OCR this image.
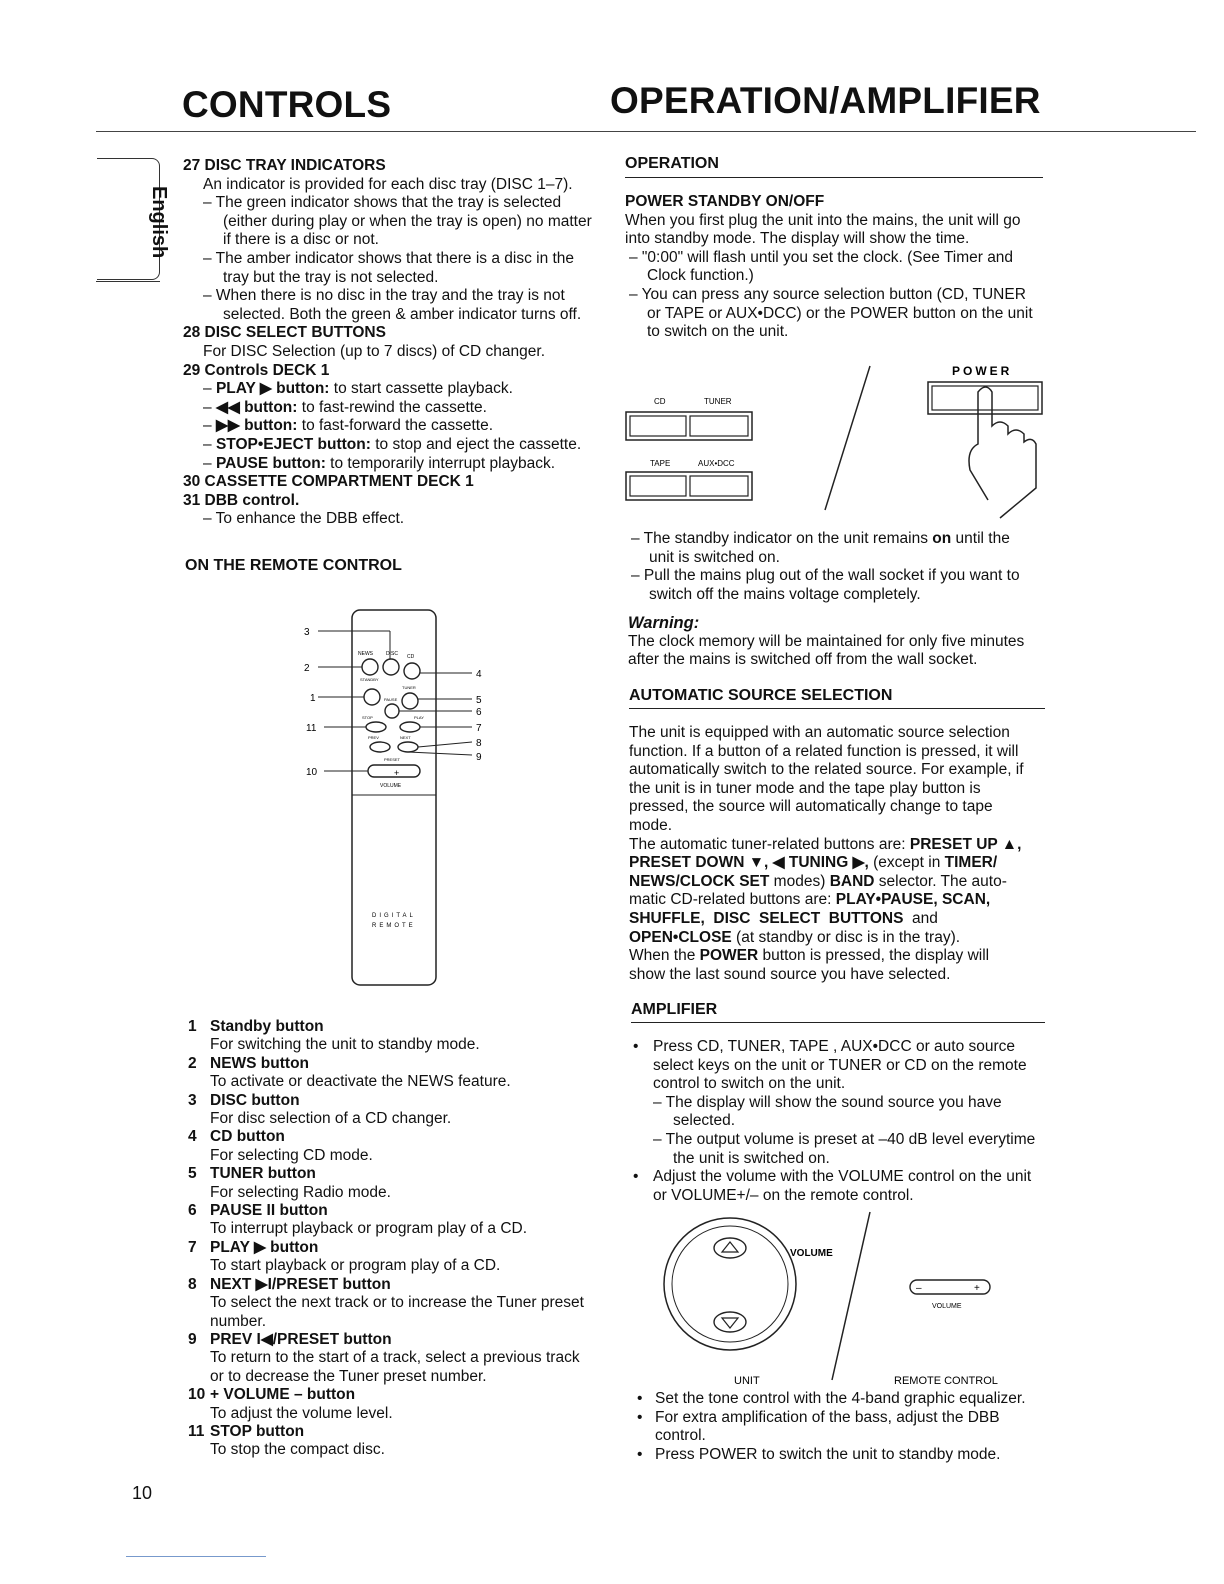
CONTROLS	OPERATION/AMPLIFIER
English
27 DISC TRAY INDICATORS
An indicator is provided for each disc tray (DISC 1–7).
– The green indicator shows that the tray is selected
(either during play or when the tray is open) no matter
if there is a disc or not.
– The amber indicator shows that there is a disc in the
tray but the tray is not selected.
– When there is no disc in the tray and the tray is not
selected. Both the green & amber indicator turns off.
28 DISC SELECT BUTTONS
For DISC Selection (up to 7 discs) of CD changer.
29 Controls DECK 1
– PLAY ▶ button: to start cassette playback.
– ◀◀ button: to fast-rewind the cassette.
– ▶▶ button: to fast-forward the cassette.
– STOP•EJECT button: to stop and eject the cassette.
– PAUSE button: to temporarily interrupt playback.
30 CASSETTE COMPARTMENT DECK 1
31 DBB control.
– To enhance the DBB effect.
ON THE REMOTE CONTROL
NEWS	DISC CD
STANDBY
TUNER
PAUSE
PLAY
STOP
PREV	NEXT
PRESET
VOLUME
+
DIGITAL
REMOTE
3
2
1
11
10
4
5
6
7
8
9
1 Standby button
For switching the unit to standby mode.
2 NEWS button
To activate or deactivate the NEWS feature.
3 DISC button
For disc selection of a CD changer.
4 CD button
For selecting CD mode.
5 TUNER button
For selecting Radio mode.
6 PAUSE II button
To interrupt playback or program play of a CD.
7 PLAY ▶ button
To start playback or program play of a CD.
8 NEXT ▶I/PRESET button
To select the next track or to increase the Tuner preset
number.
9 PREV I◀/PRESET button
To return to the start of a track, select a previous track
or to decrease the Tuner preset number.
10 + VOLUME – button
To adjust the volume level.
11 STOP button
To stop the compact disc.
OPERATION
POWER STANDBY ON/OFF
When you first plug the unit into the mains, the unit will go
into standby mode. The display will show the time.
– "0:00" will flash until you set the clock. (See Timer and
Clock function.)
– You can press any source selection button (CD, TUNER
or TAPE or AUX•DCC) or the POWER button on the unit
to switch on the unit.
CD	TUNER
TAPE	AUX•DCC
POWER
– The standby indicator on the unit remains on until the
unit is switched on.
– Pull the mains plug out of the wall socket if you want to
switch off the mains voltage completely.
Warning:
The clock memory will be maintained for only five minutes
after the mains is switched off from the wall socket.
AUTOMATIC SOURCE SELECTION
The unit is equipped with an automatic source selection
function. If a button of a related function is pressed, it will
automatically switch to the related source. For example, if
the unit is in tuner mode and the tape play button is
pressed, the source will automatically change to tape
mode.
The automatic tuner-related buttons are: PRESET UP ▲,
PRESET DOWN ▼, ◀ TUNING ▶, (except in TIMER/
NEWS/CLOCK SET modes) BAND selector. The auto-
matic CD-related buttons are: PLAY•PAUSE, SCAN,
SHUFFLE,  DISC  SELECT  BUTTONS  and
OPEN•CLOSE (at standby or disc is in the tray).
When the POWER button is pressed, the display will
show the last sound source you have selected.
AMPLIFIER
• Press CD, TUNER, TAPE , AUX•DCC or auto source
select keys on the unit or TUNER or CD on the remote
control to switch on the unit.
– The display will show the sound source you have
selected.
– The output volume is preset at –40 dB level everytime
the unit is switched on.
• Adjust the volume with the VOLUME control on the unit
or VOLUME+/– on the remote control.
VOLUME
–	+
VOLUME
UNIT	REMOTE CONTROL
• Set the tone control with the 4-band graphic equalizer.
• For extra amplification of the bass, adjust the DBB
control.
• Press POWER to switch the unit to standby mode.
10
